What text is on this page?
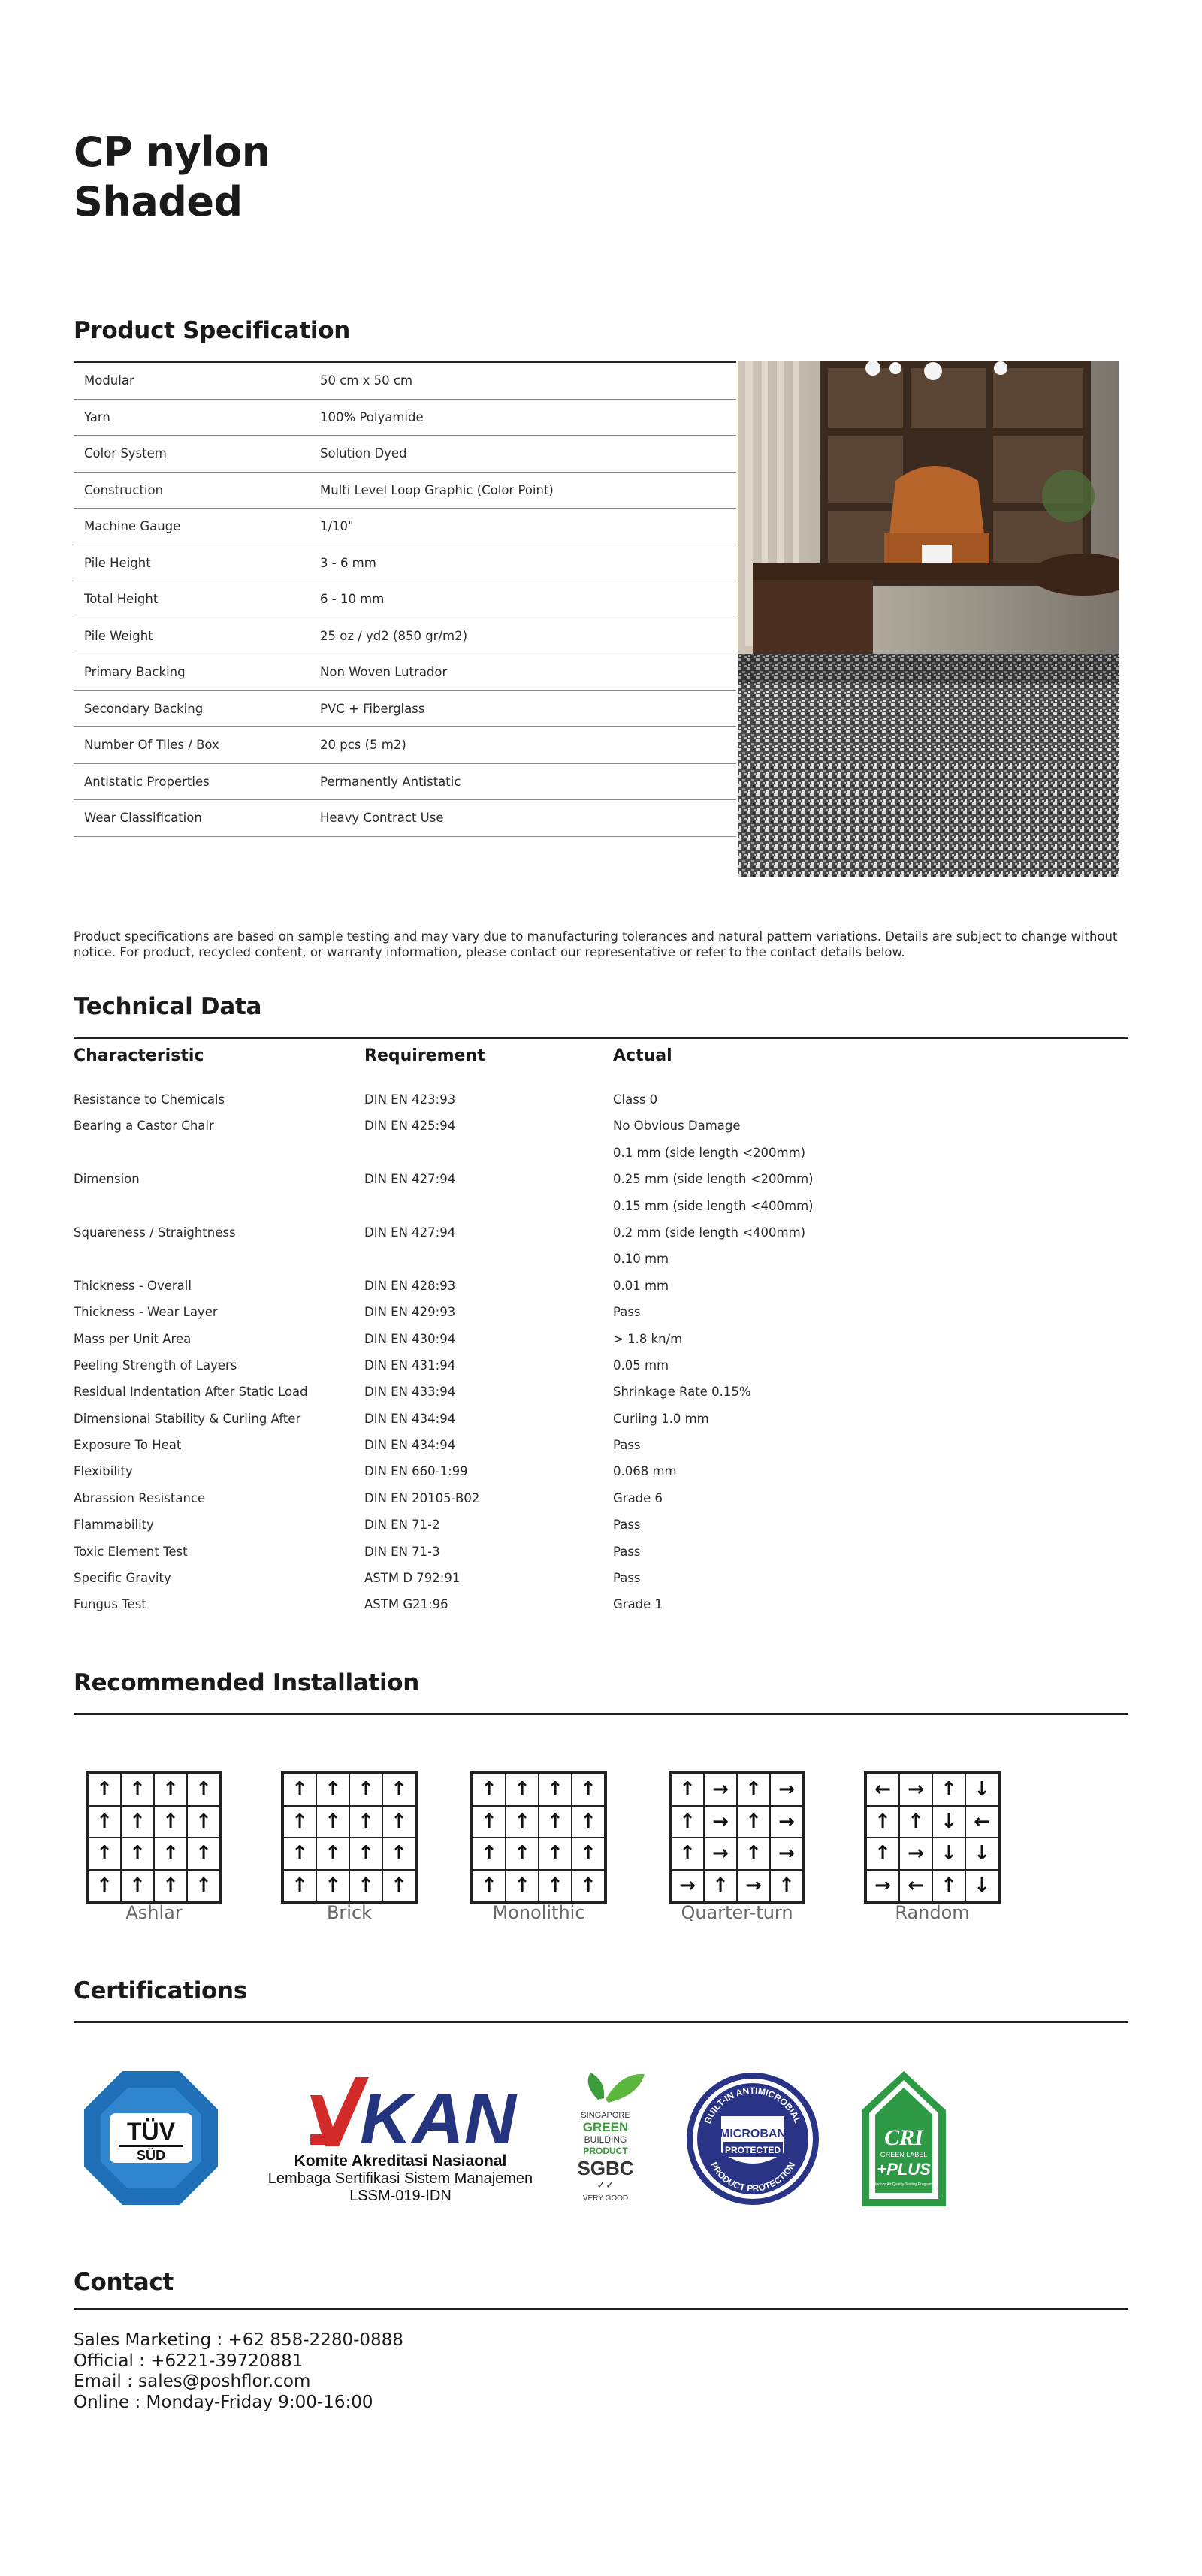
CP nylon
Shaded
Product Specification
Modular	50 cm x 50 cm
Yarn	100% Polyamide
Color System	Solution Dyed
Construction	Multi Level Loop Graphic (Color Point)
Machine Gauge	1/10"
Pile Height	3 - 6 mm
Total Height	6 - 10 mm
Pile Weight	25 oz / yd2 (850 gr/m2)
Primary Backing	Non Woven Lutrador
Secondary Backing	PVC + Fiberglass
Number Of Tiles / Box	20 pcs (5 m2)
Antistatic Properties	Permanently Antistatic
Wear Classification	Heavy Contract Use
Product specifications are based on sample testing and may vary due to manufacturing tolerances and natural pattern variations. Details are subject to change without notice. For product, recycled content, or warranty information, please contact our representative or refer to the contact details below.
Technical Data
Characteristic	Requirement	Actual
Resistance to Chemicals	DIN EN 423:93	Class 0
Bearing a Castor Chair	DIN EN 425:94	No Obvious Damage
0.1 mm (side length <200mm)
Dimension	DIN EN 427:94	0.25 mm (side length <200mm)
0.15 mm (side length <400mm)
Squareness / Straightness	DIN EN 427:94	0.2 mm (side length <400mm)
0.10 mm
Thickness - Overall	DIN EN 428:93	0.01 mm
Thickness - Wear Layer	DIN EN 429:93	Pass
Mass per Unit Area	DIN EN 430:94	> 1.8 kn/m
Peeling Strength of Layers	DIN EN 431:94	0.05 mm
Residual Indentation After Static Load	DIN EN 433:94	Shrinkage Rate 0.15%
Dimensional Stability & Curling After	DIN EN 434:94	Curling 1.0 mm
Exposure To Heat	DIN EN 434:94	Pass
Flexibility	DIN EN 660-1:99	0.068 mm
Abrassion Resistance	DIN EN 20105-B02	Grade 6
Flammability	DIN EN 71-2	Pass
Toxic Element Test	DIN EN 71-3	Pass
Specific Gravity	ASTM D 792:91	Pass
Fungus Test	ASTM G21:96	Grade 1
Recommended Installation
↑ ↑ ↑ ↑
↑ ↑ ↑ ↑
↑ ↑ ↑ ↑
↑ ↑ ↑ ↑
Ashlar
↑ ↑ ↑ ↑
↑ ↑ ↑ ↑
↑ ↑ ↑ ↑
↑ ↑ ↑ ↑
Brick
↑ ↑ ↑ ↑
↑ ↑ ↑ ↑
↑ ↑ ↑ ↑
↑ ↑ ↑ ↑
Monolithic
↑ → ↑ →
↑ → ↑ →
↑ → ↑ →
→ ↑ → ↑
Quarter-turn
← → ↑ ↓
↑ ↑ ↓ ←
↑ → ↓ ↓
→ ← ↑ ↓
Random
Certifications
TÜV
SÜD	KAN
Komite Akreditasi Nasiaonal
Lembaga Sertifikasi Sistem Manajemen
LSSM-019-IDN
SINGAPORE
GREEN
BUILDING
PRODUCT
SGBC
✓✓
VERY GOOD
BUILT-IN ANTIMICROBIAL
PRODUCT PROTECTION
MICROBAN
PROTECTED	CRI
GREEN LABEL
+PLUS
Indoor Air Quality Testing Program
Contact
Sales Marketing : +62 858-2280-0888
Official : +6221-39720881
Email : sales@poshflor.com
Online : Monday-Friday 9:00-16:00
